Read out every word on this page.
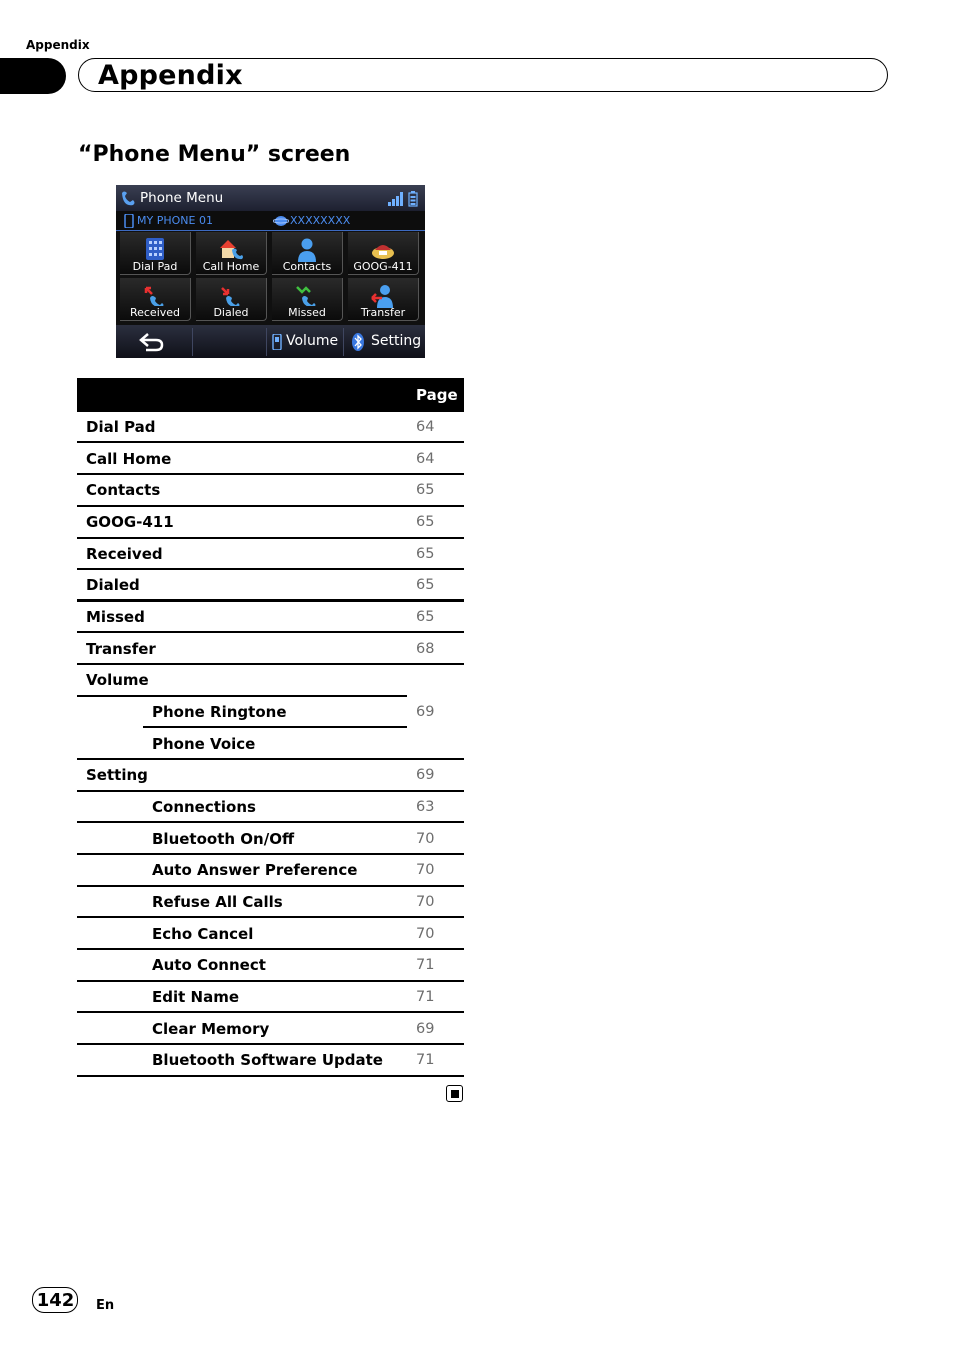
Appendix
Appendix
“Phone Menu” screen
Phone Menu
MY PHONE 01	XXXXXXXX
Dial Pad	Call Home	Contacts	GOOG-411
Received	Dialed	Missed	Transfer
Volume Setting
Page
Dial Pad	64
Call Home	64
Contacts	65
GOOG-411	65
Received	65
Dialed	65
Missed	65
Transfer	68
Volume
Phone Ringtone	69
Phone Voice
Setting	69
Connections	63
Bluetooth On/Off	70
Auto Answer Preference	70
Refuse All Calls	70
Echo Cancel	70
Auto Connect	71
Edit Name	71
Clear Memory	69
Bluetooth Software Update 71
142	En
